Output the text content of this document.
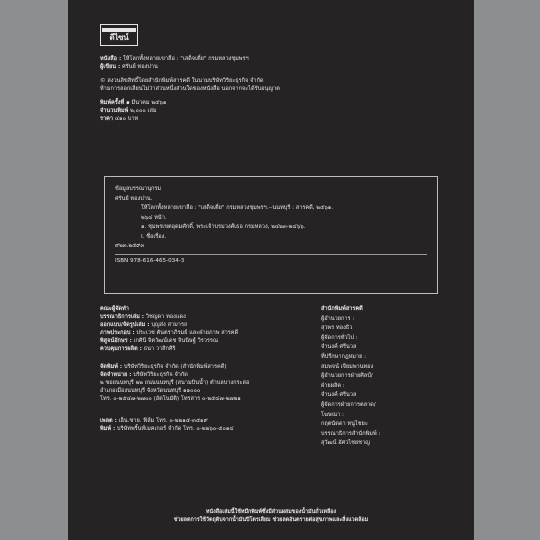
ดีไซน์
หนังสือ : ให้โลกทั้งหลายเขาลือ : "เสด็จเตี่ย" กรมหลวงชุมพรฯ
ผู้เขียน : ศรันย์ ทองปาน
© สงวนลิขสิทธิ์โดยสำนักพิมพ์สารคดี ในนามบริษัทวิริยะธุรกิจ จำกัด
ห้ามการลอกเลียนไม่ว่าส่วนหนึ่งส่วนใดของหนังสือ นอกจากจะได้รับอนุญาต
พิมพ์ครั้งที่ ๑ มีนาคม ๒๕๖๑
จำนวนพิมพ์ ๒,๐๐๐ เล่ม
ราคา ๔๑๐ บาท
ข้อมูลบรรณานุกรม
ศรันย์ ทองปาน.
ให้โลกทั้งหลายเขาลือ : "เสด็จเตี่ย" กรมหลวงชุมพรฯ.--นนทบุรี : สารคดี, ๒๕๖๑.
๒๖๔ หน้า.
๑. ชุมพรเขตอุดมศักดิ์, พระเจ้าบรมวงศ์เธอ กรมหลวง, ๒๔๒๓-๒๔๖๖.
I. ชื่อเรื่อง.
๙๒๓.๒๕๙๓
ISBN 978-616-465-034-3
คณะผู้จัดทำ
บรรณาธิการเล่ม : วิชญดา ทองแดง
ออกแบบ/จัดรูปเล่ม : บุญส่ง สามารถ
ภาพประกอบ : ประเวช ตันตราภิรมย์ และฝ่ายภาพ สารคดี
พิสูจน์อักษร : เกศินี จิตวัฒน์เดช จินนิษฐ์ วิรวรรณ
ควบคุมการผลิต : ธนา วาสิกศิริ
จัดพิมพ์ : บริษัทวิริยะธุรกิจ จำกัด (สำนักพิมพ์สารคดี)
จัดจำหน่าย : บริษัทวิริยะธุรกิจ จำกัด
๒ ซอยนนทบุรี ๒๒ ถนนนนทบุรี (สนามบินน้ำ) ตำบลบางกระสอ
อำเภอเมืองนนทบุรี จังหวัดนนทบุรี ๑๑๐๐๐
โทร. ๐-๒๕๔๗-๒๗๐๐ (อัตโนมัติ) โทรสาร ๐-๒๕๔๗-๒๗๒๑
เพลต : เอ็น.ซาย. ฟิล์ม โทร. ๐-๒๒๑๕-๓๕๑๙
พิมพ์ : บริษัทพริ้นท์เมคเกอร์ จำกัด โทร. ๐-๒๒๖๐-๕๐๑๔
สำนักพิมพ์สารคดี
ผู้อำนวยการ :
สุวพร ทองธิว
ผู้จัดการทั่วไป :
จำนงค์ ศรีนวล
ที่ปรึกษากฎหมาย :
สมพจน์ เจียมพานทอง
ผู้อำนวยการฝ่ายศิลป์/
ฝ่ายผลิต :
จำนงค์ ศรีนวล
ผู้จัดการฝ่ายการตลาด/
โฆษณา :
กฤตนัดดา หนูไชยะ
บรรณาธิการสำนักพิมพ์ :
สุวัฒน์ อัศวไชยชาญ
หนังสือเล่มนี้ใช้หมึกพิมพ์ซึ่งมีส่วนผสมของน้ำมันถั่วเหลือง
ช่วยลดการใช้วัตถุดิบจากน้ำมันปิโตรเลียม ช่วยลดอันตรายต่อสุขภาพและสิ่งแวดล้อม
